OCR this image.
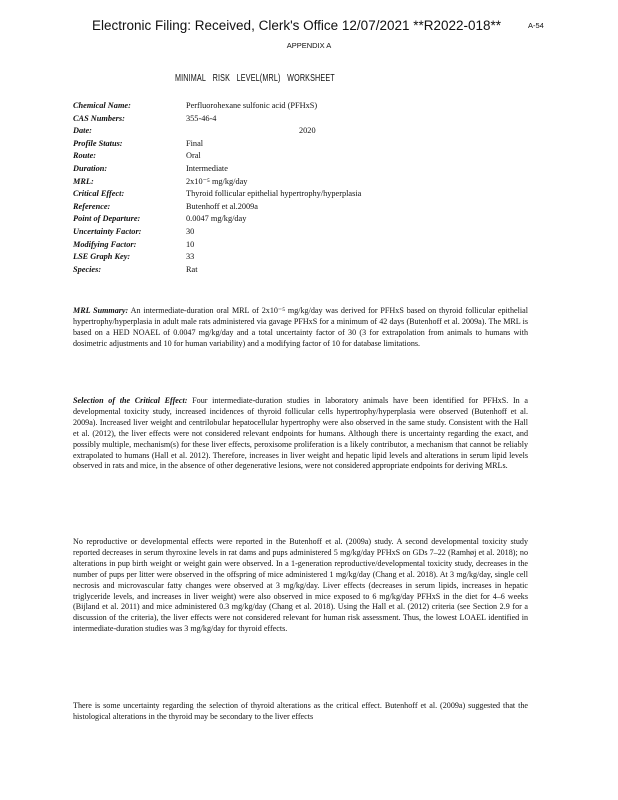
Electronic Filing: Received, Clerk's Office 12/07/2021 **R2022-018**	A-54
APPENDIX A
MINIMAL RISK LEVEL(MRL) WORKSHEET
Chemical Name:	Perfluorohexane sulfonic acid (PFHxS)
CAS Numbers:	355-46-4
Date:	2020
Profile Status:	Final
Route:	Oral
Duration:	Intermediate
MRL:	2x10⁻⁵ mg/kg/day
Critical Effect:	Thyroid follicular epithelial hypertrophy/hyperplasia
Reference:	Butenhoff et al.2009a
Point of Departure:	0.0047 mg/kg/day
Uncertainty Factor:	30
Modifying Factor:	10
LSE Graph Key:	33
Species:	Rat

MRL Summary: An intermediate-duration oral MRL of 2x10⁻⁵ mg/kg/day was derived for PFHxS based on thyroid follicular epithelial hypertrophy/hyperplasia in adult male rats administered via gavage PFHxS for a minimum of 42 days (Butenhoff et al. 2009a). The MRL is based on a HED NOAEL of 0.0047 mg/kg/day and a total uncertainty factor of 30 (3 for extrapolation from animals to humans with dosimetric adjustments and 10 for human variability) and a modifying factor of 10 for database limitations.

Selection of the Critical Effect: Four intermediate-duration studies in laboratory animals have been identified for PFHxS. In a developmental toxicity study, increased incidences of thyroid follicular cells hypertrophy/hyperplasia were observed (Butenhoff et al. 2009a). Increased liver weight and centrilobular hepatocellular hypertrophy were also observed in the same study. Consistent with the Hall et al. (2012), the liver effects were not considered relevant endpoints for humans. Although there is uncertainty regarding the exact, and possibly multiple, mechanism(s) for these liver effects, peroxisome proliferation is a likely contributor, a mechanism that cannot be reliably extrapolated to humans (Hall et al. 2012). Therefore, increases in liver weight and hepatic lipid levels and alterations in serum lipid levels observed in rats and mice, in the absence of other degenerative lesions, were not considered appropriate endpoints for deriving MRLs.

No reproductive or developmental effects were reported in the Butenhoff et al. (2009a) study. A second developmental toxicity study reported decreases in serum thyroxine levels in rat dams and pups administered 5 mg/kg/day PFHxS on GDs 7–22 (Ramhøj et al. 2018); no alterations in pup birth weight or weight gain were observed. In a 1-generation reproductive/developmental toxicity study, decreases in the number of pups per litter were observed in the offspring of mice administered 1 mg/kg/day (Chang et al. 2018). At 3 mg/kg/day, single cell necrosis and microvascular fatty changes were observed at 3 mg/kg/day. Liver effects (decreases in serum lipids, increases in hepatic triglyceride levels, and increases in liver weight) were also observed in mice exposed to 6 mg/kg/day PFHxS in the diet for 4–6 weeks (Bijland et al. 2011) and mice administered 0.3 mg/kg/day (Chang et al. 2018). Using the Hall et al. (2012) criteria (see Section 2.9 for a discussion of the criteria), the liver effects were not considered relevant for human risk assessment. Thus, the lowest LOAEL identified in intermediate-duration studies was 3 mg/kg/day for thyroid effects.

There is some uncertainty regarding the selection of thyroid alterations as the critical effect. Butenhoff et al. (2009a) suggested that the histological alterations in the thyroid may be secondary to the liver effects
